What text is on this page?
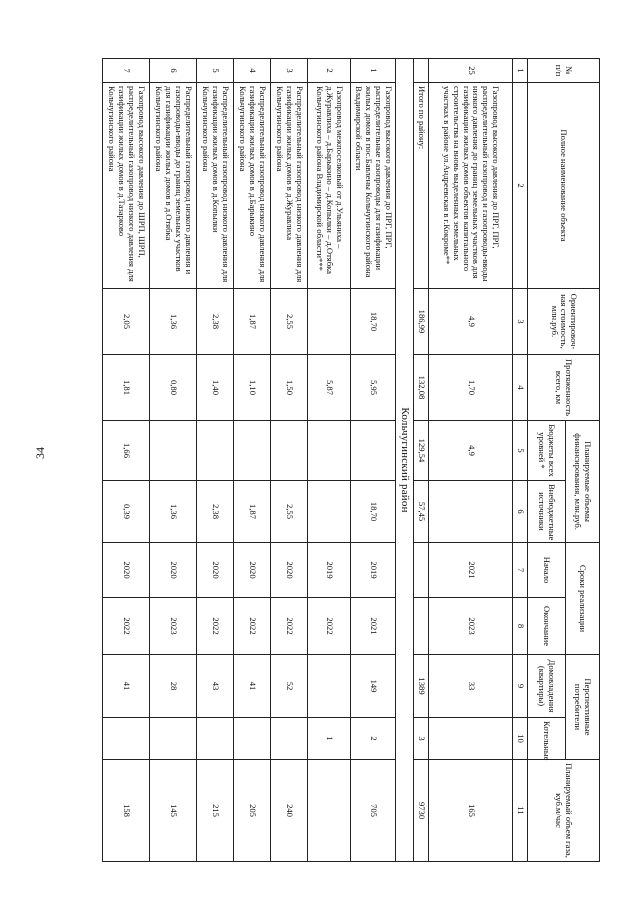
34
№ п/п	Полное наименование объекта	Ориентировоч-ная стоимость, млн.руб.	Протяженность всего, км	Планируемые объемы финансирования, млн.руб.		Сроки реализации		Перспективные потребители		Планируемый объем газа, куб.м/час
				Бюджеты всех уровней *	Внебюджетные источники	Начало	Окончание	Домовладения (квартиры)	Котельные	
1	2	3	4	5	6	7	8	9	10	11
25	Газопровод высокого давления до ПРГ, ПРГ, распределительный газопровод и газопроводы-вводы низкого давления до границ земельных участков для газификации жилых домов объектов капитального строительства на вновь выделенных земельных участках в районе ул.Андреевская в г.Кокроме**	4,9	1,70	4,9		2021	2023	33		165
	Итого по району:	186,99	132,08	129,54	57,45			1389	3	9730
Кольчугинский район										
1	Газопровод высокого давления до ПРГ, ПРГ, распределительные газопроводы для газификации жилых домов в пос.Бавлены Кольчугинского района Владимирской области	18,70	5,95		18,70	2019	2021	149	2	705
2	Газопровод межпоселковый от д.Ульяниха – д.Журавлиха – д.Барыкино – д.Копылки – д.Отябка Кольчугинского района Владимирской области***		5,87			2019	2022		1	
3	Распределительный газопровод низкого давления для газификации жилых домов в д.Журавлиха Кольчугинского района	2,55	1,50		2,55	2020	2022	52		240
4	Распределительный газопровод низкого давления для газификации жилых домов в д.Барыкино Кольчугинского района	1,87	1,10		1,87	2020	2022	41		205
5	Распределительный газопровод низкого давления для газификации жилых домов в д.Копылки Кольчугинского района	2,38	1,40		2,38	2020	2022	43		215
6	Распределительный газопровод низкого давления и газопроводы-вводы до границ земельных участков для газификации жилых домов в д.Отябка Кольчугинского района	1,36	0,80		1,36	2020	2023	28		145
7	Газопровод высокого давления до ШРП, ШРП, распределительный газопровод низкого давления для газификации жилых домов в д.Тазарково Кольчугинского района	2,05	1,81	1,66	0,39	2020	2022	41		158
